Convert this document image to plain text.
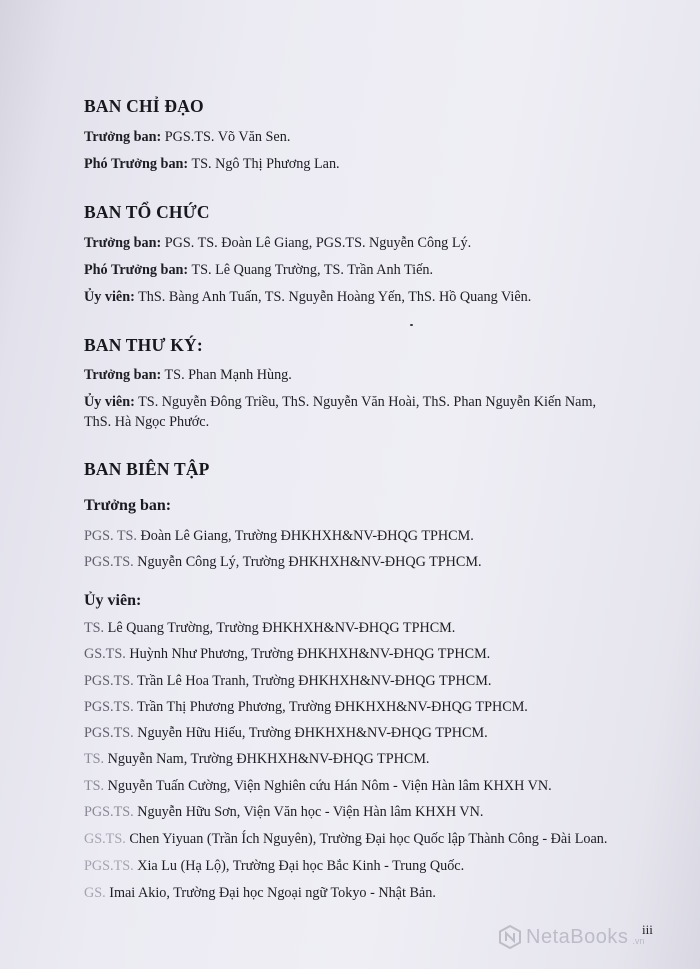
BAN CHỈ ĐẠO

Trưởng ban: PGS.TS. Võ Văn Sen.

Phó Trưởng ban: TS. Ngô Thị Phương Lan.

BAN TỔ CHỨC

Trưởng ban: PGS. TS. Đoàn Lê Giang, PGS.TS. Nguyễn Công Lý.

Phó Trưởng ban: TS. Lê Quang Trường, TS. Trần Anh Tiến.

Ủy viên: ThS. Bàng Anh Tuấn, TS. Nguyễn Hoàng Yến, ThS. Hồ Quang Viên.

BAN THƯ KÝ:

Trưởng ban: TS. Phan Mạnh Hùng.

Ủy viên: TS. Nguyễn Đông Triều, ThS. Nguyễn Văn Hoài, ThS. Phan Nguyễn Kiến Nam,

ThS. Hà Ngọc Phước.

BAN BIÊN TẬP
Trưởng ban:

PGS. TS. Đoàn Lê Giang, Trường ĐHKHXH&NV-ĐHQG TPHCM.

PGS.TS. Nguyễn Công Lý, Trường ĐHKHXH&NV-ĐHQG TPHCM.

Ủy viên:

TS. Lê Quang Trường, Trường ĐHKHXH&NV-ĐHQG TPHCM.

GS.TS. Huỳnh Như Phương, Trường ĐHKHXH&NV-ĐHQG TPHCM.

PGS.TS. Trần Lê Hoa Tranh, Trường ĐHKHXH&NV-ĐHQG TPHCM.

PGS.TS. Trần Thị Phương Phương, Trường ĐHKHXH&NV-ĐHQG TPHCM.

PGS.TS. Nguyễn Hữu Hiếu, Trường ĐHKHXH&NV-ĐHQG TPHCM.

TS. Nguyễn Nam, Trường ĐHKHXH&NV-ĐHQG TPHCM.

TS. Nguyễn Tuấn Cường, Viện Nghiên cứu Hán Nôm - Viện Hàn lâm KHXH VN.

PGS.TS. Nguyễn Hữu Sơn, Viện Văn học - Viện Hàn lâm KHXH VN.

GS.TS. Chen Yiyuan (Trần Ích Nguyên), Trường Đại học Quốc lập Thành Công - Đài Loan.

PGS.TS. Xia Lu (Hạ Lộ), Trường Đại học Bắc Kinh - Trung Quốc.

GS. Imai Akio, Trường Đại học Ngoại ngữ Tokyo - Nhật Bản.

iii
NetaBooks .vn
